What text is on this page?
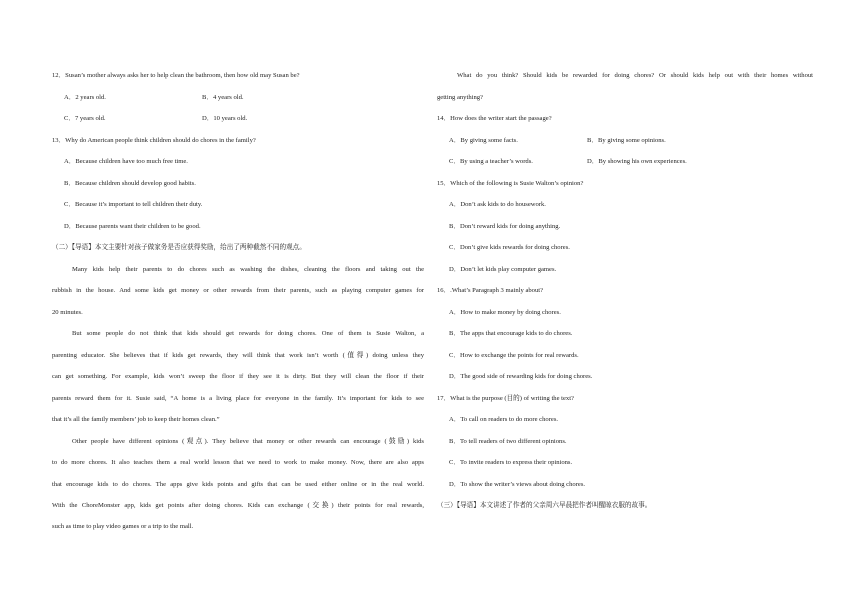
12．Susan’s mother always asks her to help clean the bathroom, then how old may Susan be?
A．2 years old.	B．4 years old.
C．7 years old.	D．10 years old.
13．Why do American people think children should do chores in the family?
A．Because children have too much free time.
B．Because children should develop good habits.
C．Because it’s important to tell children their duty.
D．Because parents want their children to be good.
（二）【导语】本文主要针对孩子做家务是否应获得奖励，给出了两种截然不同的观点。
Many kids help their parents to do chores such as washing the dishes, cleaning the floors and taking out the
rubbish in the house. And some kids get money or other rewards from their parents, such as playing computer games for
20 minutes.
But some people do not think that kids should get rewards for doing chores. One of them is Susie Walton, a
parenting educator. She believes that if kids get rewards, they will think that work isn’t worth (值得) doing unless they
can get something. For example, kids won’t sweep the floor if they see it is dirty. But they will clean the floor if their
parents reward them for it. Susie said, “A home is a living place for everyone in the family. It’s important for kids to see
that it’s all the family members’ job to keep their homes clean.”
Other people have different opinions (观点). They believe that money or other rewards can encourage (鼓励) kids
to do more chores. It also teaches them a real world lesson that we need to work to make money. Now, there are also apps
that encourage kids to do chores. The apps give kids points and gifts that can be used either online or in the real world.
With the ChoreMonster app, kids get points after doing chores. Kids can exchange (交换) their points for real rewards,
such as time to play video games or a trip to the mall.
What do you think? Should kids be rewarded for doing chores? Or should kids help out with their homes without
getting anything?
14．How does the writer start the passage?
A．By giving some facts.	B．By giving some opinions.
C．By using a teacher’s words.	D．By showing his own experiences.
15．Which of the following is Susie Walton’s opinion?
A．Don’t ask kids to do housework.
B．Don’t reward kids for doing anything.
C．Don’t give kids rewards for doing chores.
D．Don’t let kids play computer games.
16．.What’s Paragraph 3 mainly about?
A．How to make money by doing chores.
B．The apps that encourage kids to do chores.
C．How to exchange the points for real rewards.
D．The good side of rewarding kids for doing chores.
17．What is the purpose (目的) of writing the text?
A．To call on readers to do more chores.
B．To tell readers of two different opinions.
C．To invite readers to express their opinions.
D．To show the writer’s views about doing chores.
（三）【导语】本文讲述了作者的父亲周六早晨把作者叫醒晾衣服的故事。
